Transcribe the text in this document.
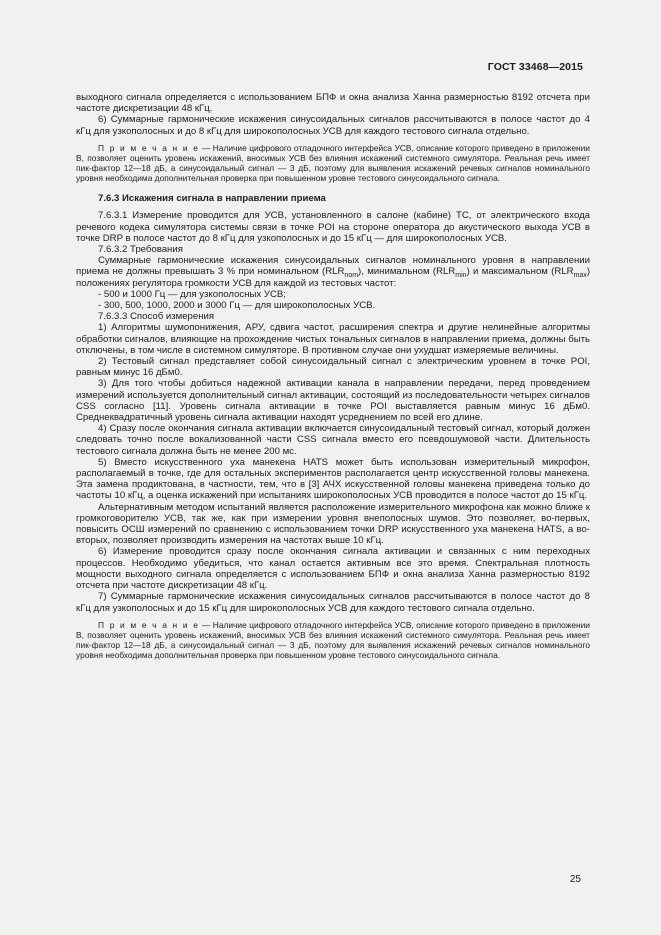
ГОСТ 33468—2015

выходного сигнала определяется с использованием БПФ и окна анализа Ханна размерностью 8192 отсчета при частоте дискретизации 48 кГц.

6) Суммарные гармонические искажения синусоидальных сигналов рассчитываются в полосе частот до 4 кГц для узкополосных и до 8 кГц для широкополосных УСВ для каждого тестового сигнала отдельно.

П р и м е ч а н и е — Наличие цифрового отладочного интерфейса УСВ, описание которого приведено в приложении В, позволяет оценить уровень искажений, вносимых УСВ без влияния искажений системного симулятора. Реальная речь имеет пик-фактор 12—18 дБ, а синусоидальный сигнал — 3 дБ, поэтому для выявления искажений речевых сигналов номинального уровня необходима дополнительная проверка при повышенном уровне тестового синусоидального сигнала.

7.6.3 Искажения сигнала в направлении приема

7.6.3.1 Измерение проводится для УСВ, установленного в салоне (кабине) ТС, от электрического входа речевого кодека симулятора системы связи в точке POI на стороне оператора до акустического выхода УСВ в точке DRP в полосе частот до 8 кГц для узкополосных и до 15 кГц — для широкополосных УСВ.

7.6.3.2 Требования

Суммарные гармонические искажения синусоидальных сигналов номинального уровня в направлении приема не должны превышать 3 % при номинальном $(RLR_{nom})$, минимальном $(RLR_{min})$ и максимальном $(RLR_{max})$ положениях регулятора громкости УСВ для каждой из тестовых частот:

- 500 и 1000 Гц — для узкополосных УСВ;

- 300, 500, 1000, 2000 и 3000 Гц — для широкополосных УСВ.

7.6.3.3 Способ измерения

1) Алгоритмы шумопонижения, АРУ, сдвига частот, расширения спектра и другие нелинейные алгоритмы обработки сигналов, влияющие на прохождение чистых тональных сигналов в направлении приема, должны быть отключены, в том числе в системном симуляторе. В противном случае они ухудшат измеряемые величины.

2) Тестовый сигнал представляет собой синусоидальный сигнал с электрическим уровнем в точке POI, равным минус 16 дБм0.

3) Для того чтобы добиться надежной активации канала в направлении передачи, перед проведением измерений используется дополнительный сигнал активации, состоящий из последовательности четырех сигналов CSS согласно [11]. Уровень сигнала активации в точке POI выставляется равным минус 16 дБм0. Среднеквадратичный уровень сигнала активации находят усреднением по всей его длине.

4) Сразу после окончания сигнала активации включается синусоидальный тестовый сигнал, который должен следовать точно после вокализованной части CSS сигнала вместо его псевдошумовой части. Длительность тестового сигнала должна быть не менее 200 мс.

5) Вместо искусственного уха манекена HATS может быть использован измерительный микрофон, располагаемый в точке, где для остальных экспериментов располагается центр искусственной головы манекена. Эта замена продиктована, в частности, тем, что в [3] АЧХ искусственной головы манекена приведена только до частоты 10 кГц, а оценка искажений при испытаниях широкополосных УСВ проводится в полосе частот до 15 кГц.

Альтернативным методом испытаний является расположение измерительного микрофона как можно ближе к громкоговорителю УСВ, так же, как при измерении уровня внеполосных шумов. Это позволяет, во-первых, повысить ОСШ измерений по сравнению с использованием точки DRP искусственного уха манекена HATS, а во-вторых, позволяет производить измерения на частотах выше 10 кГц.

6) Измерение проводится сразу после окончания сигнала активации и связанных с ним переходных процессов. Необходимо убедиться, что канал остается активным все это время. Спектральная плотность мощности выходного сигнала определяется с использованием БПФ и окна анализа Ханна размерностью 8192 отсчета при частоте дискретизации 48 кГц.

7) Суммарные гармонические искажения синусоидальных сигналов рассчитываются в полосе частот до 8 кГц для узкополосных и до 15 кГц для широкополосных УСВ для каждого тестового сигнала отдельно.

П р и м е ч а н и е — Наличие цифрового отладочного интерфейса УСВ, описание которого приведено в приложении В, позволяет оценить уровень искажений, вносимых УСВ без влияния искажений системного симулятора. Реальная речь имеет пик-фактор 12—18 дБ, а синусоидальный сигнал — 3 дБ, поэтому для выявления искажений речевых сигналов номинального уровня необходима дополнительная проверка при повышенном уровне тестового синусоидального сигнала.

25
